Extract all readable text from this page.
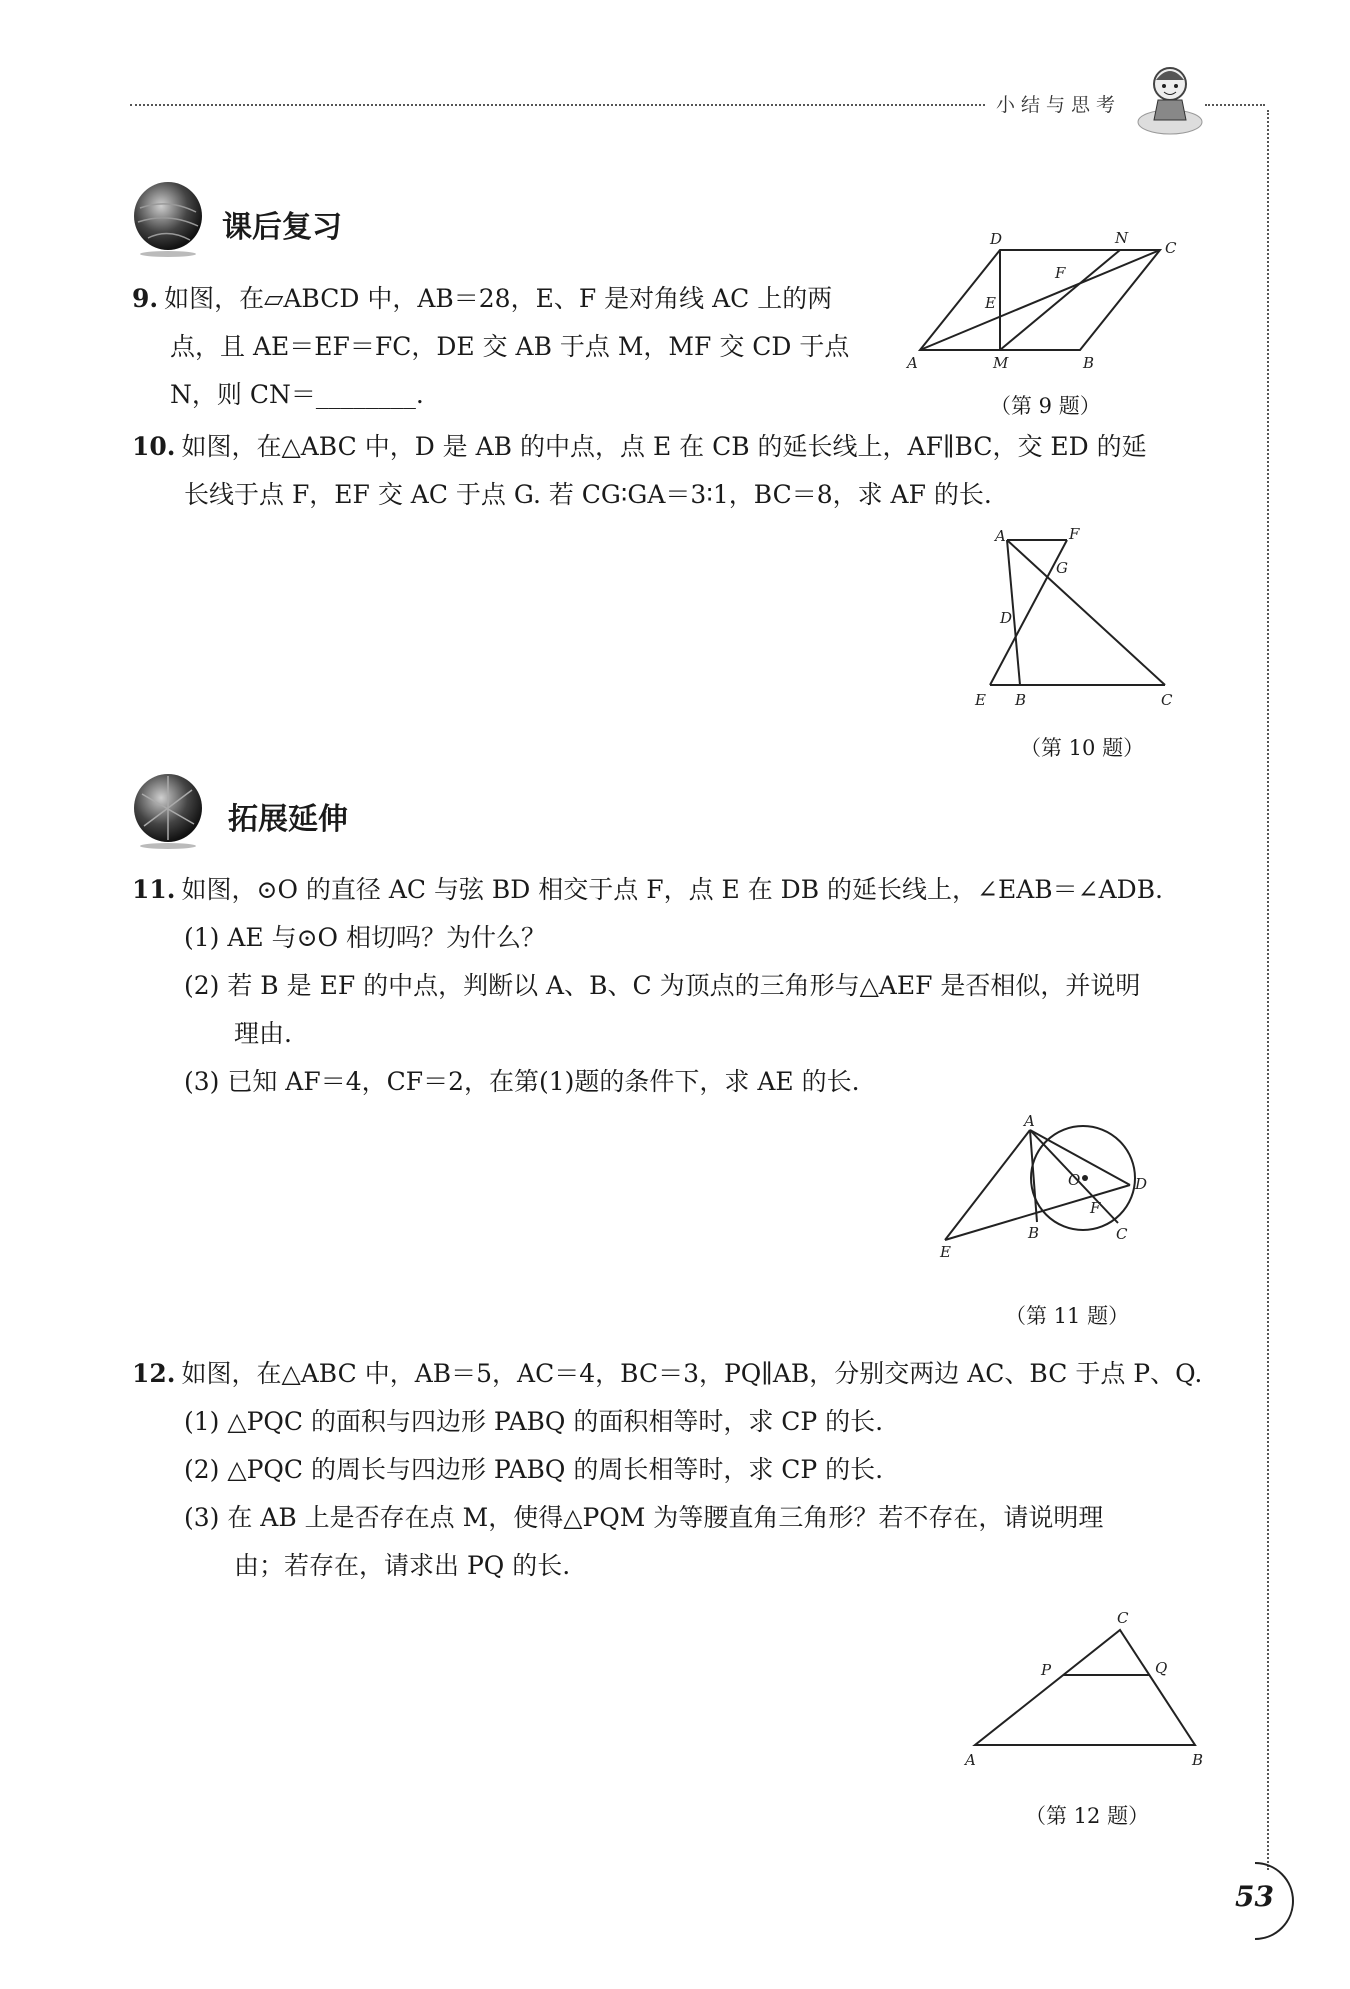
小结与思考
课后复习
9. 如图，在▱ABCD 中，AB＝28，E、F 是对角线 AC 上的两
点，且 AE＝EF＝FC，DE 交 AB 于点 M，MF 交 CD 于点
N，则 CN＝________.
A	B
C
D
E
F
M
N
（第 9 题）
10. 如图，在△ABC 中，D 是 AB 的中点，点 E 在 CB 的延长线上，AF∥BC，交 ED 的延
长线于点 F，EF 交 AC 于点 G. 若 CG∶GA＝3∶1，BC＝8，求 AF 的长.
A	F
G
D
E B	C
（第 10 题）
拓展延伸
11. 如图，⊙O 的直径 AC 与弦 BD 相交于点 F，点 E 在 DB 的延长线上，∠EAB＝∠ADB.
(1) AE 与⊙O 相切吗？为什么？
(2) 若 B 是 EF 的中点，判断以 A、B、C 为顶点的三角形与△AEF 是否相似，并说明
理由.
(3) 已知 AF＝4，CF＝2，在第(1)题的条件下，求 AE 的长.
A
D
O
F
B	C
E
（第 11 题）
12. 如图，在△ABC 中，AB＝5，AC＝4，BC＝3，PQ∥AB，分别交两边 AC、BC 于点 P、Q.
(1) △PQC 的面积与四边形 PABQ 的面积相等时，求 CP 的长.
(2) △PQC 的周长与四边形 PABQ 的周长相等时，求 CP 的长.
(3) 在 AB 上是否存在点 M，使得△PQM 为等腰直角三角形？若不存在，请说明理
由；若存在，请求出 PQ 的长.
C
P	Q
A	B
（第 12 题）
53
